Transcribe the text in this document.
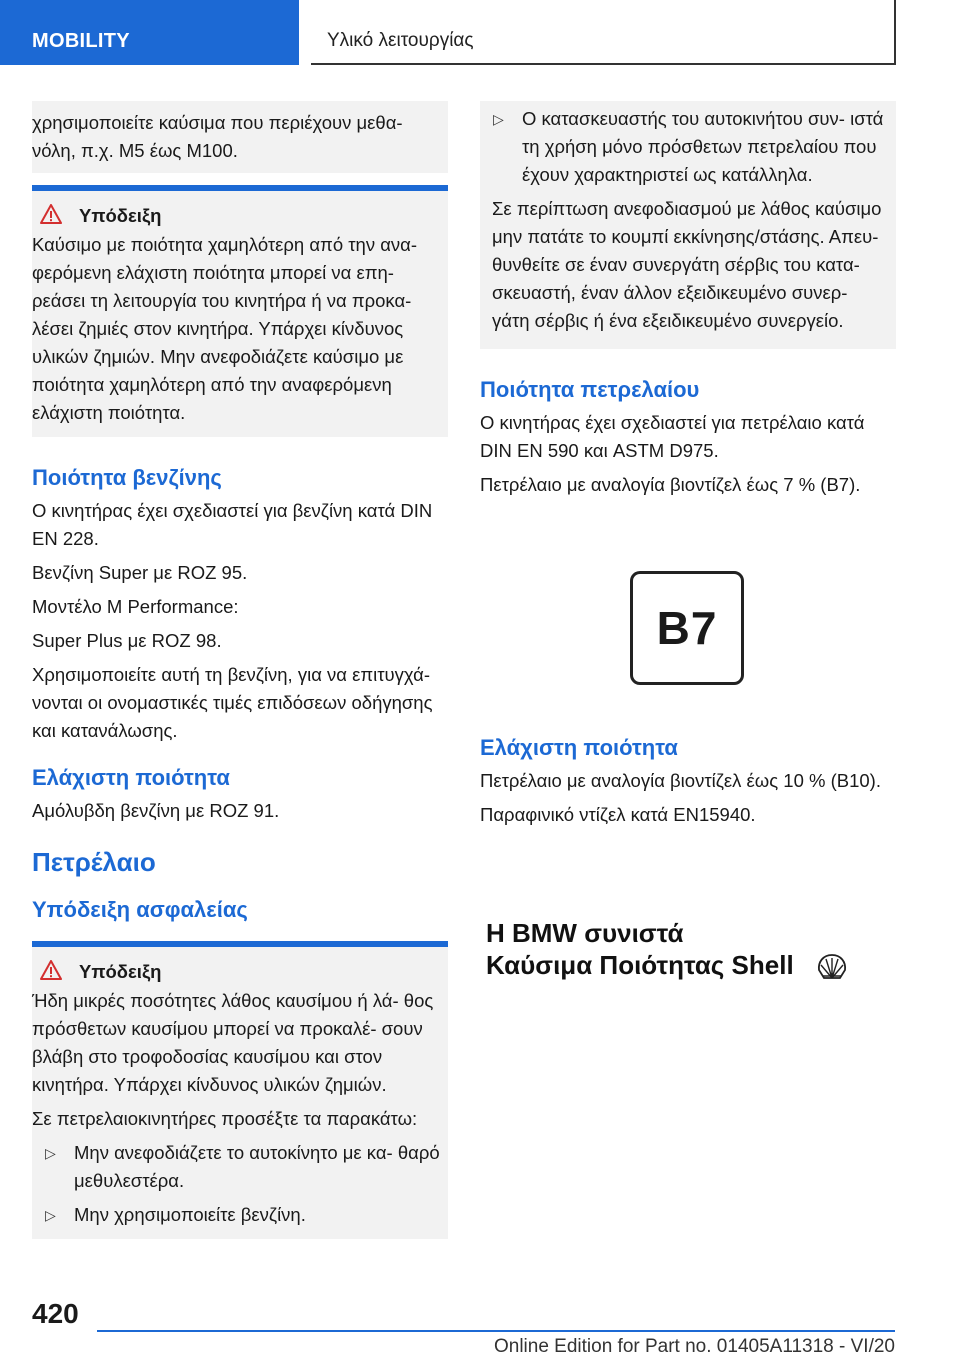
MOBILITY	Υλικό λειτουργίας

χρησιμοποιείτε καύσιμα που περιέχουν μεθα- νόλη, π.χ. M5 έως M100.

Υπόδειξη

Καύσιμο με ποιότητα χαμηλότερη από την ανα- φερόμενη ελάχιστη ποιότητα μπορεί να επη- ρεάσει τη λειτουργία του κινητήρα ή να προκα- λέσει ζημιές στον κινητήρα. Υπάρχει κίνδυνος υλικών ζημιών. Μην ανεφοδιάζετε καύσιμο με ποιότητα χαμηλότερη από την αναφερόμενη ελάχιστη ποιότητα.

Ποιότητα βενζίνης

Ο κινητήρας έχει σχεδιαστεί για βενζίνη κατά DIN EN 228.

Βενζίνη Super με ROZ 95.

Μοντέλο M Performance:

Super Plus με ROZ 98.

Χρησιμοποιείτε αυτή τη βενζίνη, για να επιτυγχά- νονται οι ονομαστικές τιμές επιδόσεων οδήγησης και κατανάλωσης.

Ελάχιστη ποιότητα

Αμόλυβδη βενζίνη με ROZ 91.

Πετρέλαιο
Υπόδειξη ασφαλείας
Υπόδειξη

Ήδη μικρές ποσότητες λάθος καυσίμου ή λά- θος πρόσθετων καυσίμου μπορεί να προκαλέ- σουν βλάβη στο τροφοδοσίας καυσίμου και στον κινητήρα. Υπάρχει κίνδυνος υλικών ζημιών.

Σε πετρελαιοκινητήρες προσέξτε τα παρακάτω:

▷ Μην ανεφοδιάζετε το αυτοκίνητο με κα- θαρό μεθυλεστέρα.
▷ Μην χρησιμοποιείτε βενζίνη.
▷ Ο κατασκευαστής του αυτοκινήτου συν- ιστά τη χρήση μόνο πρόσθετων πετρελαίου που έχουν χαρακτηριστεί ως κατάλληλα.

Σε περίπτωση ανεφοδιασμού με λάθος καύσιμο μην πατάτε το κουμπί εκκίνησης/στάσης. Απευ- θυνθείτε σε έναν συνεργάτη σέρβις του κατα- σκευαστή, έναν άλλον εξειδικευμένο συνερ- γάτη σέρβις ή ένα εξειδικευμένο συνεργείο.

Ποιότητα πετρελαίου

Ο κινητήρας έχει σχεδιαστεί για πετρέλαιο κατά DIN EN 590 και ASTM D975.

Πετρέλαιο με αναλογία βιοντίζελ έως 7 % (B7).

B7
Ελάχιστη ποιότητα

Πετρέλαιο με αναλογία βιοντίζελ έως 10 % (B10).

Παραφινικό ντίζελ κατά EN15940.

H BMW συνιστά
Καύσιμα Ποιότητας Shell
420
Online Edition for Part no. 01405A11318 - VI/20
